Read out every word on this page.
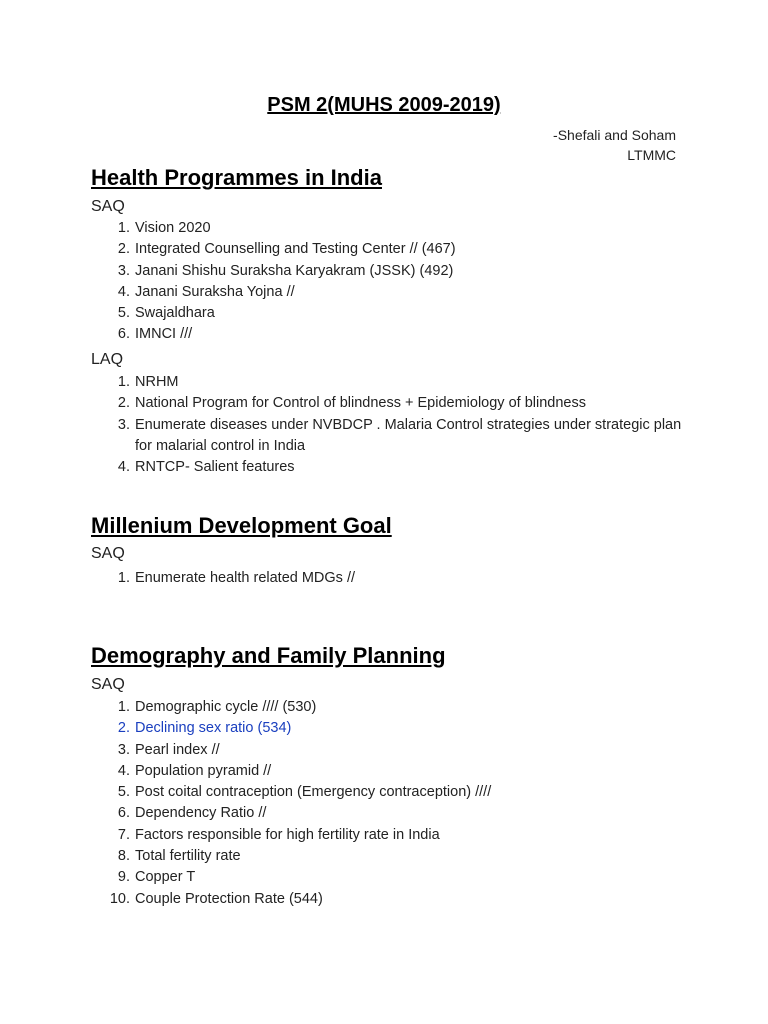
PSM 2(MUHS 2009-2019)
-Shefali and Soham
LTMMC
Health Programmes in India
SAQ
1. Vision 2020
2. Integrated Counselling and Testing Center // (467)
3. Janani Shishu Suraksha Karyakram (JSSK) (492)
4. Janani Suraksha Yojna //
5. Swajaldhara
6. IMNCI ///
LAQ
1. NRHM
2. National Program for Control of blindness + Epidemiology of blindness
3. Enumerate diseases under NVBDCP . Malaria Control strategies under strategic plan for malarial control in India
4. RNTCP- Salient features
Millenium Development Goal
SAQ
1. Enumerate health related MDGs //
Demography and Family Planning
SAQ
1. Demographic cycle //// (530)
2. Declining sex ratio (534)
3. Pearl index //
4. Population pyramid //
5. Post coital contraception (Emergency contraception) ////
6. Dependency Ratio //
7. Factors responsible for high fertility rate in India
8. Total fertility rate
9. Copper T
10. Couple Protection Rate (544)
